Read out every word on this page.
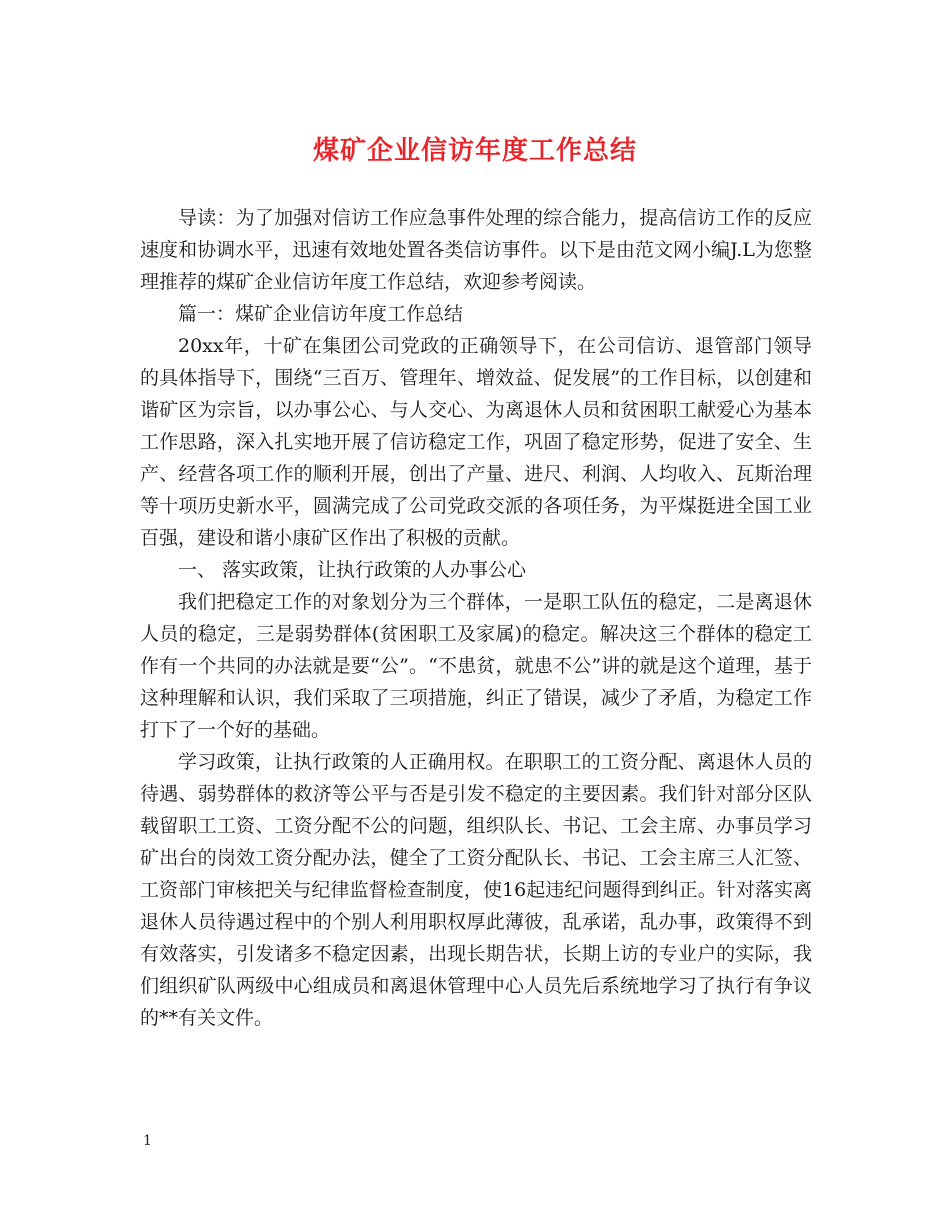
煤矿企业信访年度工作总结

导读：为了加强对信访工作应急事件处理的综合能力，提高信访工作的反应速度和协调水平，迅速有效地处置各类信访事件。以下是由范文网小编J.L为您整理推荐的煤矿企业信访年度工作总结，欢迎参考阅读。

篇一：煤矿企业信访年度工作总结

20xx年，十矿在集团公司党政的正确领导下，在公司信访、退管部门领导的具体指导下，围绕“三百万、管理年、增效益、促发展”的工作目标，以创建和谐矿区为宗旨，以办事公心、与人交心、为离退休人员和贫困职工献爱心为基本工作思路，深入扎实地开展了信访稳定工作，巩固了稳定形势，促进了安全、生产、经营各项工作的顺利开展，创出了产量、进尺、利润、人均收入、瓦斯治理等十项历史新水平，圆满完成了公司党政交派的各项任务，为平煤挺进全国工业百强，建设和谐小康矿区作出了积极的贡献。

一、 落实政策，让执行政策的人办事公心

我们把稳定工作的对象划分为三个群体，一是职工队伍的稳定，二是离退休人员的稳定，三是弱势群体(贫困职工及家属)的稳定。解决这三个群体的稳定工作有一个共同的办法就是要“公”。“不患贫，就患不公”讲的就是这个道理，基于这种理解和认识，我们采取了三项措施，纠正了错误，减少了矛盾，为稳定工作打下了一个好的基础。

学习政策，让执行政策的人正确用权。在职职工的工资分配、离退休人员的待遇、弱势群体的救济等公平与否是引发不稳定的主要因素。我们针对部分区队载留职工工资、工资分配不公的问题，组织队长、书记、工会主席、办事员学习矿出台的岗效工资分配办法，健全了工资分配队长、书记、工会主席三人汇签、工资部门审核把关与纪律监督检查制度，使16起违纪问题得到纠正。针对落实离退休人员待遇过程中的个别人利用职权厚此薄彼，乱承诺，乱办事，政策得不到有效落实，引发诸多不稳定因素，出现长期告状，长期上访的专业户的实际，我们组织矿队两级中心组成员和离退休管理中心人员先后系统地学习了执行有争议的**有关文件。

1
